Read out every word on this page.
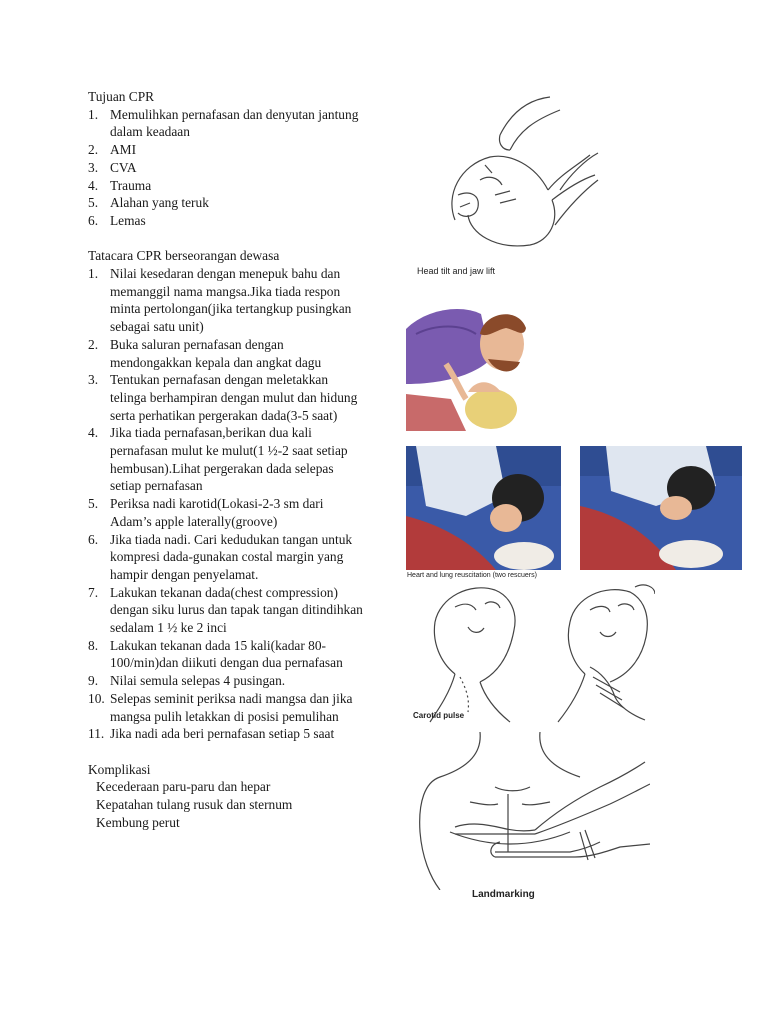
Tujuan CPR

1. Memulihkan pernafasan dan denyutan jantung dalam keadaan
2. AMI
3. CVA
4. Trauma
5. Alahan yang teruk
6. Lemas

Tatacara CPR berseorangan dewasa

1. Nilai kesedaran dengan menepuk bahu dan memanggil nama mangsa.Jika tiada respon minta pertolongan(jika tertangkup pusingkan sebagai satu unit)
2. Buka saluran pernafasan dengan mendongakkan kepala dan angkat dagu
3. Tentukan pernafasan dengan meletakkan telinga berhampiran dengan mulut dan hidung serta perhatikan pergerakan dada(3-5 saat)
4. Jika tiada pernafasan,berikan dua kali pernafasan mulut ke mulut(1 ½-2 saat setiap hembusan).Lihat pergerakan dada selepas setiap pernafasan
5. Periksa nadi karotid(Lokasi-2-3 sm dari Adam’s apple laterally(groove)
6. Jika tiada nadi. Cari kedudukan tangan untuk kompresi dada-gunakan costal margin yang hampir dengan penyelamat.
7. Lakukan tekanan dada(chest compression) dengan siku lurus dan tapak tangan ditindihkan sedalam 1 ½ ke 2 inci
8. Lakukan tekanan dada 15 kali(kadar 80-100/min)dan diikuti dengan dua pernafasan
9. Nilai semula selepas 4 pusingan.
10. Selepas seminit periksa nadi mangsa dan jika mangsa pulih letakkan di posisi pemulihan
11. Jika nadi ada beri pernafasan setiap 5 saat

Komplikasi

Kecederaan paru-paru dan hepar
Kepatahan tulang rusuk dan sternum
Kembung perut
Head tilt and jaw lift
Heart and lung reuscitation (two rescuers)
Carotid pulse
Landmarking
